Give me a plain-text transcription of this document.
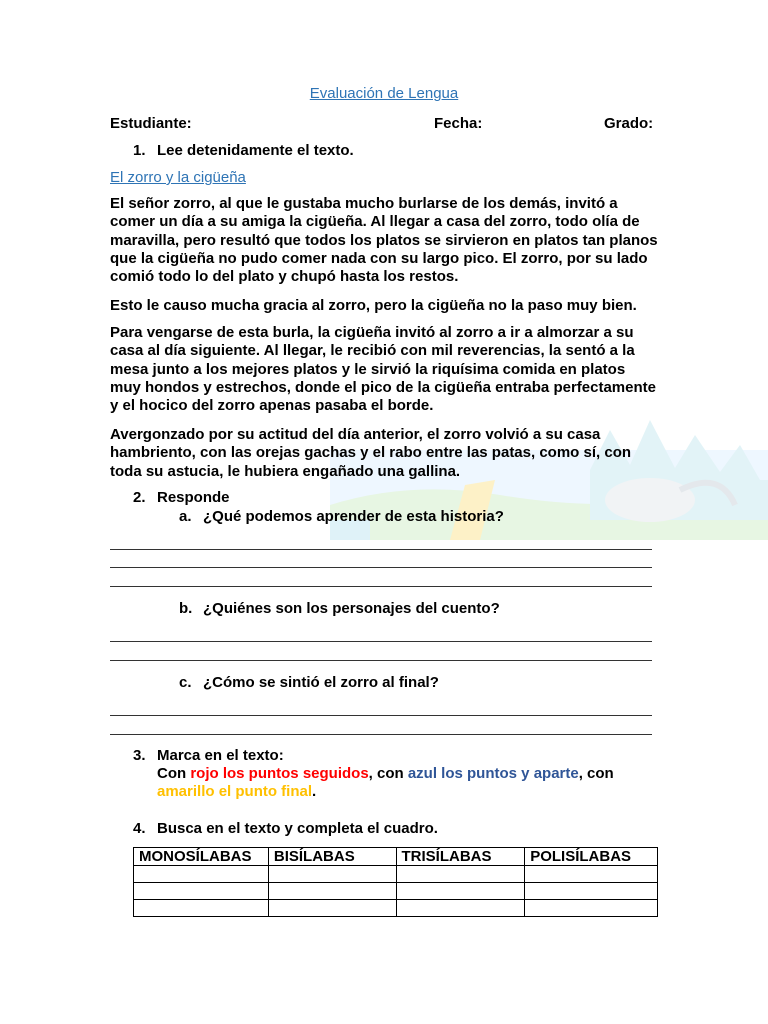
Evaluación de Lengua
Estudiante:	Fecha:	Grado:
1. Lee detenidamente el texto.
El zorro y la cigüeña
El señor zorro, al que le gustaba mucho burlarse de los demás, invitó a comer un día a su amiga la cigüeña. Al llegar a casa del zorro, todo olía de maravilla, pero resultó que todos los platos se sirvieron en platos tan planos que la cigüeña no pudo comer nada con su largo pico. El zorro, por su lado comió todo lo del plato y chupó hasta los restos.
Esto le causo mucha gracia al zorro, pero la cigüeña no la paso muy bien.
Para vengarse de esta burla, la cigüeña invitó al zorro a ir a almorzar a su casa al día siguiente. Al llegar, le recibió con mil reverencias, la sentó a la mesa junto a los mejores platos y le sirvió la riquísima comida en platos muy hondos y estrechos, donde el pico de la cigüeña entraba perfectamente y el hocico del zorro apenas pasaba el borde.
Avergonzado por su actitud del día anterior, el zorro volvió a su casa hambriento, con las orejas gachas y el rabo entre las patas, como sí, con toda su astucia, le hubiera engañado una gallina.
2. Responde
a. ¿Qué podemos aprender de esta historia?
b. ¿Quiénes son los personajes del cuento?
c. ¿Cómo se sintió el zorro al final?
3. Marca en el texto:
Con rojo los puntos seguidos, con azul los puntos y aparte, con
amarillo el punto final.
4. Busca en el texto y completa el cuadro.
MONOSÍLABAS	BISÍLABAS	TRISÍLABAS	POLISÍLABAS
